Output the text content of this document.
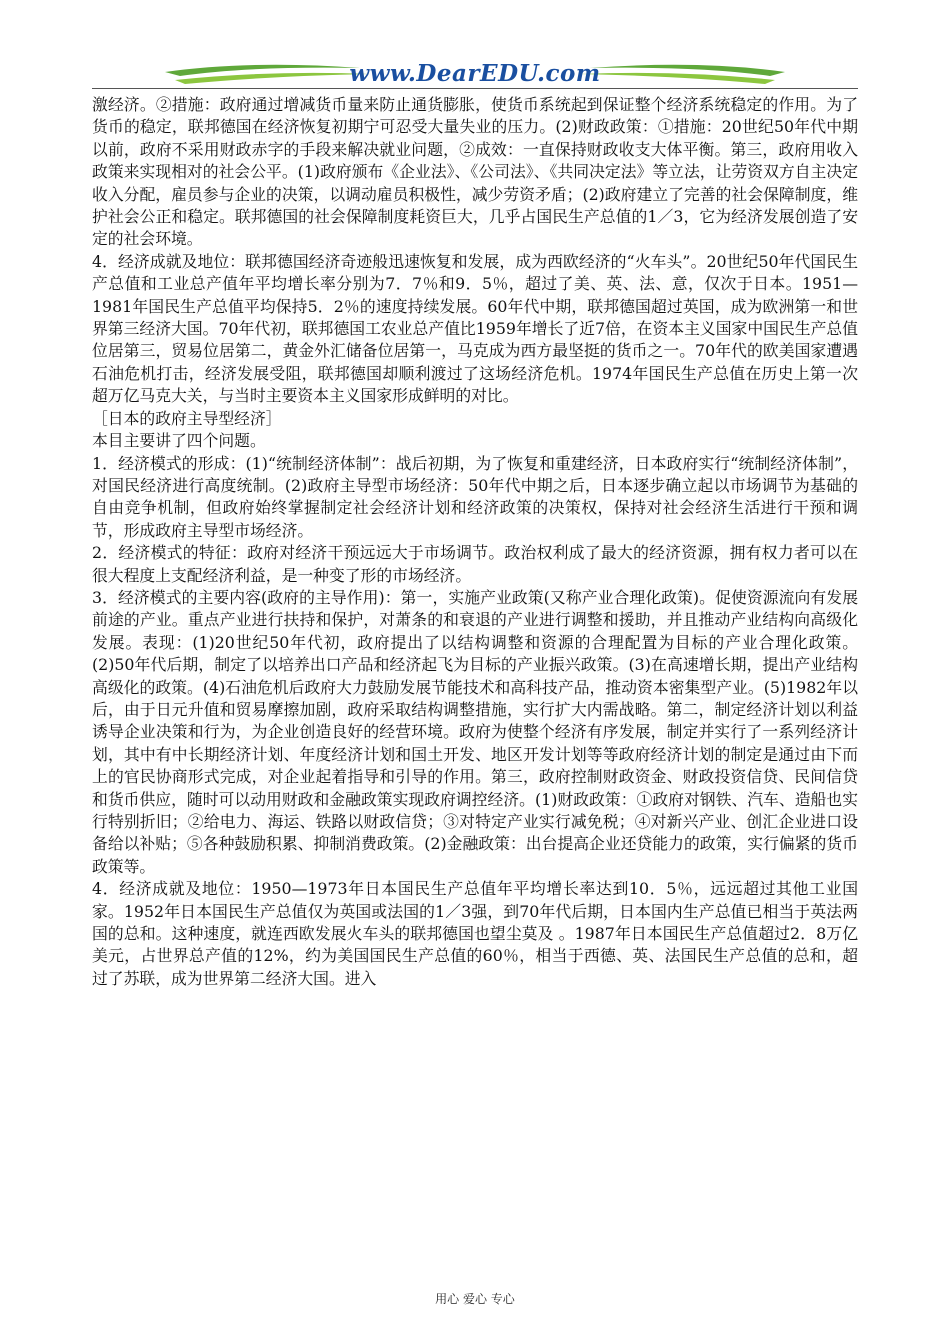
www.DearEDU.com

激经济。②措施：政府通过增减货币量来防止通货膨胀，使货币系统起到保证整个经济系统稳定的作用。为了货币的稳定，联邦德国在经济恢复初期宁可忍受大量失业的压力。(2)财政政策：①措施：20世纪50年代中期以前，政府不采用财政赤字的手段来解决就业问题，②成效：一直保持财政收支大体平衡。第三，政府用收入政策来实现相对的社会公平。(1)政府颁布《企业法》、《公司法》、《共同决定法》等立法，让劳资双方自主决定收入分配，雇员参与企业的决策，以调动雇员积极性，减少劳资矛盾；(2)政府建立了完善的社会保障制度，维护社会公正和稳定。联邦德国的社会保障制度耗资巨大，几乎占国民生产总值的1／3，它为经济发展创造了安定的社会环境。

4．经济成就及地位：联邦德国经济奇迹般迅速恢复和发展，成为西欧经济的“火车头”。20世纪50年代国民生产总值和工业总产值年平均增长率分别为7．7％和9．5％，超过了美、英、法、意，仅次于日本。1951—1981年国民生产总值平均保持5．2％的速度持续发展。60年代中期，联邦德国超过英国，成为欧洲第一和世界第三经济大国。70年代初，联邦德国工农业总产值比1959年增长了近7倍，在资本主义国家中国民生产总值位居第三，贸易位居第二，黄金外汇储备位居第一，马克成为西方最坚挺的货币之一。70年代的欧美国家遭遇石油危机打击，经济发展受阻，联邦德国却顺利渡过了这场经济危机。1974年国民生产总值在历史上第一次超万亿马克大关，与当时主要资本主义国家形成鲜明的对比。

［日本的政府主导型经济］

本目主要讲了四个问题。

1．经济模式的形成：(1)“统制经济体制”：战后初期，为了恢复和重建经济，日本政府实行“统制经济体制”，对国民经济进行高度统制。(2)政府主导型市场经济：50年代中期之后，日本逐步确立起以市场调节为基础的自由竞争机制，但政府始终掌握制定社会经济计划和经济政策的决策权，保持对社会经济生活进行干预和调节，形成政府主导型市场经济。

2．经济模式的特征：政府对经济干预远远大于市场调节。政治权利成了最大的经济资源，拥有权力者可以在很大程度上支配经济利益，是一种变了形的市场经济。

3．经济模式的主要内容(政府的主导作用)：第一，实施产业政策(又称产业合理化政策)。促使资源流向有发展前途的产业。重点产业进行扶持和保护，对萧条的和衰退的产业进行调整和援助，并且推动产业结构向高级化发展。表现：(1)20世纪50年代初，政府提出了以结构调整和资源的合理配置为目标的产业合理化政策。(2)50年代后期，制定了以培养出口产品和经济起飞为目标的产业振兴政策。(3)在高速增长期，提出产业结构高级化的政策。(4)石油危机后政府大力鼓励发展节能技术和高科技产品，推动资本密集型产业。(5)1982年以后，由于日元升值和贸易摩擦加剧，政府采取结构调整措施，实行扩大内需战略。第二，制定经济计划以利益诱导企业决策和行为，为企业创造良好的经营环境。政府为使整个经济有序发展，制定并实行了一系列经济计划，其中有中长期经济计划、年度经济计划和国土开发、地区开发计划等等政府经济计划的制定是通过由下而上的官民协商形式完成，对企业起着指导和引导的作用。第三，政府控制财政资金、财政投资信贷、民间信贷和货币供应，随时可以动用财政和金融政策实现政府调控经济。(1)财政政策：①政府对钢铁、汽车、造船也实行特别折旧；②给电力、海运、铁路以财政信贷；③对特定产业实行减免税；④对新兴产业、创汇企业进口设备给以补贴；⑤各种鼓励积累、抑制消费政策。(2)金融政策：出台提高企业还贷能力的政策，实行偏紧的货币政策等。

4．经济成就及地位：1950—1973年日本国民生产总值年平均增长率达到10．5％，远远超过其他工业国家。1952年日本国民生产总值仅为英国或法国的1／3强，到70年代后期，日本国内生产总值已相当于英法两国的总和。这种速度，就连西欧发展火车头的联邦德国也望尘莫及 。1987年日本国民生产总值超过2．8万亿美元，占世界总产值的12%，约为美国国民生产总值的60％，相当于西德、英、法国民生产总值的总和，超过了苏联，成为世界第二经济大国。进入

用心 爱心 专心
